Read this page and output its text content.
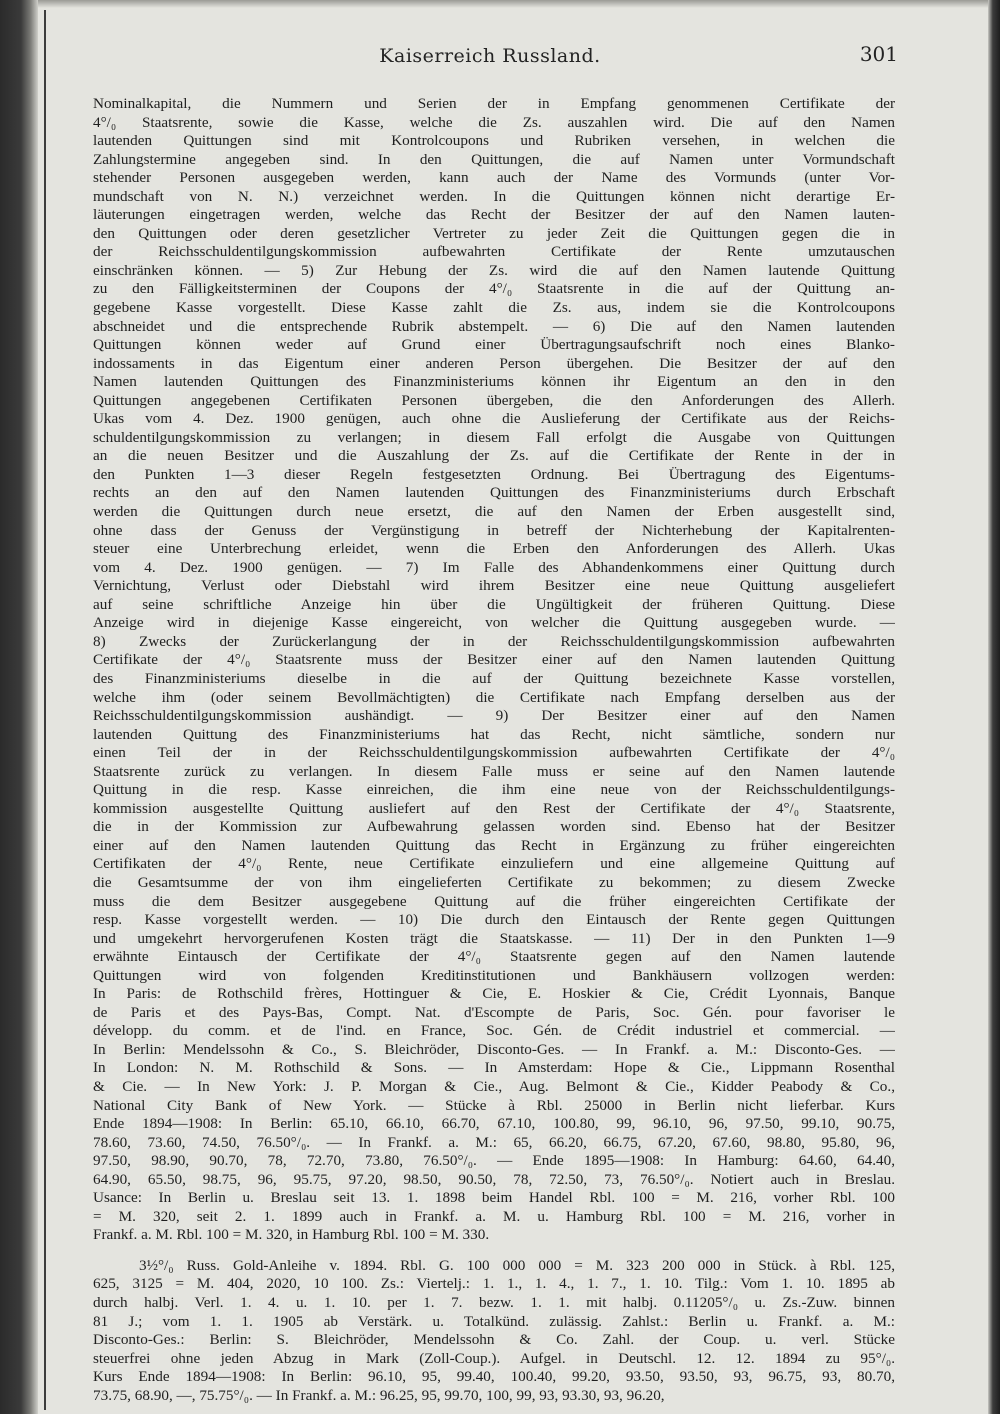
Kaiserreich Russland.	301
Nominalkapital, die Nummern und Serien der in Empfang genommenen Certifikate der
4°/₀ Staatsrente, sowie die Kasse, welche die Zs. auszahlen wird. Die auf den Namen
lautenden Quittungen sind mit Kontrolcoupons und Rubriken versehen, in welchen die
Zahlungstermine angegeben sind. In den Quittungen, die auf Namen unter Vormundschaft
stehender Personen ausgegeben werden, kann auch der Name des Vormunds (unter Vor-
mundschaft von N. N.) verzeichnet werden. In die Quittungen können nicht derartige Er-
läuterungen eingetragen werden, welche das Recht der Besitzer der auf den Namen lauten-
den Quittungen oder deren gesetzlicher Vertreter zu jeder Zeit die Quittungen gegen die in
der Reichsschuldentilgungskommission aufbewahrten Certifikate der Rente umzutauschen
einschränken können. — 5) Zur Hebung der Zs. wird die auf den Namen lautende Quittung
zu den Fälligkeitsterminen der Coupons der 4°/₀ Staatsrente in die auf der Quittung an-
gegebene Kasse vorgestellt. Diese Kasse zahlt die Zs. aus, indem sie die Kontrolcoupons
abschneidet und die entsprechende Rubrik abstempelt. — 6) Die auf den Namen lautenden
Quittungen können weder auf Grund einer Übertragungsaufschrift noch eines Blanko-
indossaments in das Eigentum einer anderen Person übergehen. Die Besitzer der auf den
Namen lautenden Quittungen des Finanzministeriums können ihr Eigentum an den in den
Quittungen angegebenen Certifikaten Personen übergeben, die den Anforderungen des Allerh.
Ukas vom 4. Dez. 1900 genügen, auch ohne die Auslieferung der Certifikate aus der Reichs-
schuldentilgungskommission zu verlangen; in diesem Fall erfolgt die Ausgabe von Quittungen
an die neuen Besitzer und die Auszahlung der Zs. auf die Certifikate der Rente in der in
den Punkten 1—3 dieser Regeln festgesetzten Ordnung. Bei Übertragung des Eigentums-
rechts an den auf den Namen lautenden Quittungen des Finanzministeriums durch Erbschaft
werden die Quittungen durch neue ersetzt, die auf den Namen der Erben ausgestellt sind,
ohne dass der Genuss der Vergünstigung in betreff der Nichterhebung der Kapitalrenten-
steuer eine Unterbrechung erleidet, wenn die Erben den Anforderungen des Allerh. Ukas
vom 4. Dez. 1900 genügen. — 7) Im Falle des Abhandenkommens einer Quittung durch
Vernichtung, Verlust oder Diebstahl wird ihrem Besitzer eine neue Quittung ausgeliefert
auf seine schriftliche Anzeige hin über die Ungültigkeit der früheren Quittung. Diese
Anzeige wird in diejenige Kasse eingereicht, von welcher die Quittung ausgegeben wurde. —
8) Zwecks der Zurückerlangung der in der Reichsschuldentilgungskommission aufbewahrten
Certifikate der 4°/₀ Staatsrente muss der Besitzer einer auf den Namen lautenden Quittung
des Finanzministeriums dieselbe in die auf der Quittung bezeichnete Kasse vorstellen,
welche ihm (oder seinem Bevollmächtigten) die Certifikate nach Empfang derselben aus der
Reichsschuldentilgungskommission aushändigt. — 9) Der Besitzer einer auf den Namen
lautenden Quittung des Finanzministeriums hat das Recht, nicht sämtliche, sondern nur
einen Teil der in der Reichsschuldentilgungskommission aufbewahrten Certifikate der 4°/₀
Staatsrente zurück zu verlangen. In diesem Falle muss er seine auf den Namen lautende
Quittung in die resp. Kasse einreichen, die ihm eine neue von der Reichsschuldentilgungs-
kommission ausgestellte Quittung ausliefert auf den Rest der Certifikate der 4°/₀ Staatsrente,
die in der Kommission zur Aufbewahrung gelassen worden sind. Ebenso hat der Besitzer
einer auf den Namen lautenden Quittung das Recht in Ergänzung zu früher eingereichten
Certifikaten der 4°/₀ Rente, neue Certifikate einzuliefern und eine allgemeine Quittung auf
die Gesamtsumme der von ihm eingelieferten Certifikate zu bekommen; zu diesem Zwecke
muss die dem Besitzer ausgegebene Quittung auf die früher eingereichten Certifikate der
resp. Kasse vorgestellt werden. — 10) Die durch den Eintausch der Rente gegen Quittungen
und umgekehrt hervorgerufenen Kosten trägt die Staatskasse. — 11) Der in den Punkten 1—9
erwähnte Eintausch der Certifikate der 4°/₀ Staatsrente gegen auf den Namen lautende
Quittungen wird von folgenden Kreditinstitutionen und Bankhäusern vollzogen werden:
In Paris: de Rothschild frères, Hottinguer & Cie, E. Hoskier & Cie, Crédit Lyonnais, Banque
de Paris et des Pays-Bas, Compt. Nat. d'Escompte de Paris, Soc. Gén. pour favoriser le
développ. du comm. et de l'ind. en France, Soc. Gén. de Crédit industriel et commercial. —
In Berlin: Mendelssohn & Co., S. Bleichröder, Disconto-Ges. — In Frankf. a. M.: Disconto-Ges. —
In London: N. M. Rothschild & Sons. — In Amsterdam: Hope & Cie., Lippmann Rosenthal
& Cie. — In New York: J. P. Morgan & Cie., Aug. Belmont & Cie., Kidder Peabody & Co.,
National City Bank of New York. — Stücke à Rbl. 25000 in Berlin nicht lieferbar. Kurs
Ende 1894—1908: In Berlin: 65.10, 66.10, 66.70, 67.10, 100.80, 99, 96.10, 96, 97.50, 99.10, 90.75,
78.60, 73.60, 74.50, 76.50°/₀. — In Frankf. a. M.: 65, 66.20, 66.75, 67.20, 67.60, 98.80, 95.80, 96,
97.50, 98.90, 90.70, 78, 72.70, 73.80, 76.50°/₀. — Ende 1895—1908: In Hamburg: 64.60, 64.40,
64.90, 65.50, 98.75, 96, 95.75, 97.20, 98.50, 90.50, 78, 72.50, 73, 76.50°/₀. Notiert auch in Breslau.
Usance: In Berlin u. Breslau seit 13. 1. 1898 beim Handel Rbl. 100 = M. 216, vorher Rbl. 100
= M. 320, seit 2. 1. 1899 auch in Frankf. a. M. u. Hamburg Rbl. 100 = M. 216, vorher in
Frankf. a. M. Rbl. 100 = M. 320, in Hamburg Rbl. 100 = M. 330.
3½°/₀ Russ. Gold-Anleihe v. 1894. Rbl. G. 100 000 000 = M. 323 200 000 in Stück. à Rbl. 125,
625, 3125 = M. 404, 2020, 10 100. Zs.: Viertelj.: 1. 1., 1. 4., 1. 7., 1. 10. Tilg.: Vom 1. 10. 1895 ab
durch halbj. Verl. 1. 4. u. 1. 10. per 1. 7. bezw. 1. 1. mit halbj. 0.11205°/₀ u. Zs.-Zuw. binnen
81 J.; vom 1. 1. 1905 ab Verstärk. u. Totalkünd. zulässig. Zahlst.: Berlin u. Frankf. a. M.:
Disconto-Ges.: Berlin: S. Bleichröder, Mendelssohn & Co. Zahl. der Coup. u. verl. Stücke
steuerfrei ohne jeden Abzug in Mark (Zoll-Coup.). Aufgel. in Deutschl. 12. 12. 1894 zu 95°/₀.
Kurs Ende 1894—1908: In Berlin: 96.10, 95, 99.40, 100.40, 99.20, 93.50, 93.50, 93, 96.75, 93, 80.70,
73.75, 68.90, —, 75.75°/₀. — In Frankf. a. M.: 96.25, 95, 99.70, 100, 99, 93, 93.30, 93, 96.20,
